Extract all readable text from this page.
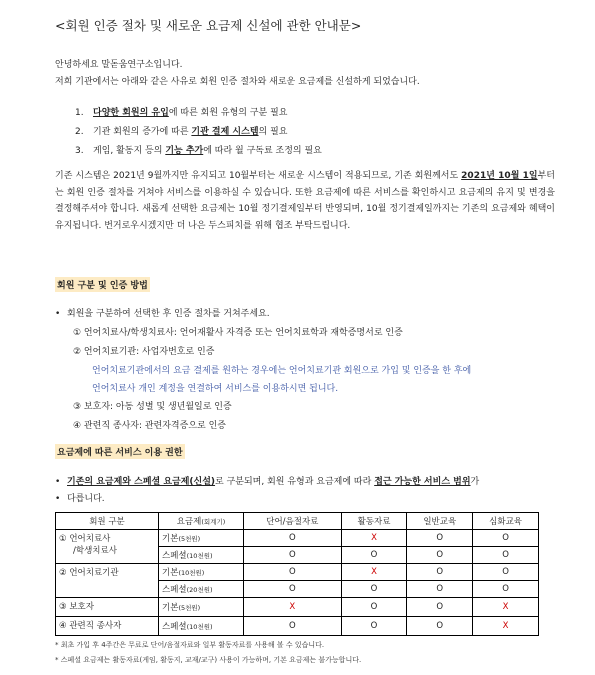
<회원 인증 절차 및 새로운 요금제 신설에 관한 안내문>
안녕하세요 말돋움연구소입니다.
저희 기관에서는 아래와 같은 사유로 회원 인증 절차와 새로운 요금제를 신설하게 되었습니다.
1. 다양한 회원의 유입에 따른 회원 유형의 구분 필요
2. 기관 회원의 증가에 따른 기관 결제 시스템의 필요
3. 게임, 활동지 등의 기능 추가에 따라 월 구독료 조정의 필요
기존 시스템은 2021년 9월까지만 유지되고 10월부터는 새로운 시스템이 적용되므로, 기존 회원께서도 2021년 10월 1일부터는 회원 인증 절차를 거쳐야 서비스를 이용하실 수 있습니다. 또한 요금제에 따른 서비스를 확인하시고 요금제의 유지 및 변경을 결정해주셔야 합니다. 새롭게 선택한 요금제는 10월 정기결제일부터 반영되며, 10월 정기결제일까지는 기존의 요금제와 혜택이 유지됩니다. 번거로우시겠지만 더 나은 두스피치를 위해 협조 부탁드립니다.
회원 구분 및 인증 방법
• 회원을 구분하여 선택한 후 인증 절차를 거쳐주세요.
① 언어치료사/학생치료사: 언어재활사 자격증 또는 언어치료학과 재학증명서로 인증
② 언어치료기관: 사업자번호로 인증
언어치료기관에서의 요금 결제를 원하는 경우에는 언어치료기관 회원으로 가입 및 인증을 한 후에
언어치료사 개인 계정을 연결하여 서비스를 이용하시면 됩니다.
③ 보호자: 아동 성별 및 생년월일로 인증
④ 관련직 종사자: 관련자격증으로 인증
요금제에 따른 서비스 이용 권한
• 기존의 요금제와 스페셜 요금제(신설)로 구분되며, 회원 유형과 요금제에 따라 접근 가능한 서비스 범위가
• 다릅니다.
회원 구분	요금제(회계기)	단어/음절자료	활동자료	일반교육	심화교육

① 언어치료사
/학생치료사	기본(5천원)	O	X	O	O
	스페셜(10천원)	O	O	O	O

② 언어치료기관	기본(10천원)	O	X	O	O
	스페셜(20천원)	O	O	O	O

③ 보호자	기본(5천원)	X	O	O	X

④ 관련직 종사자	스페셜(10천원)	O	O	O	X
* 최초 가입 후 4주간은 무료로 단어/음절자료와 일부 활동자료를 사용해 볼 수 있습니다.
* 스페셜 요금제는 활동자료(게임, 활동지, 교재/교구) 사용이 가능하며, 기본 요금제는 불가능합니다.
